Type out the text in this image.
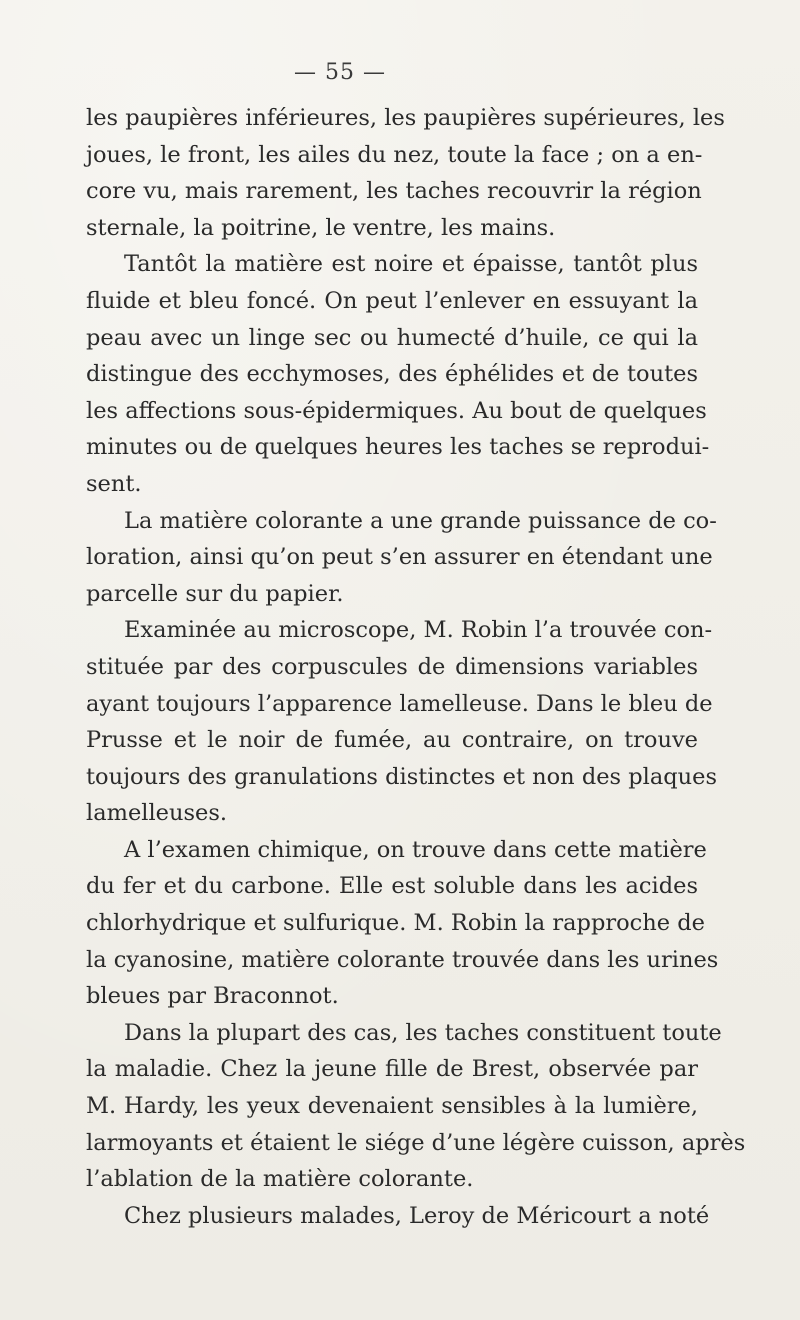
— 55 —
les paupières inférieures, les paupières supérieures, les
joues, le front, les ailes du nez, toute la face ; on a en-
core vu, mais rarement, les taches recouvrir la région
sternale, la poitrine, le ventre, les mains.
Tantôt la matière est noire et épaisse, tantôt plus
fluide et bleu foncé. On peut l’enlever en essuyant la
peau avec un linge sec ou humecté d’huile, ce qui la
distingue des ecchymoses, des éphélides et de toutes
les affections sous-épidermiques. Au bout de quelques
minutes ou de quelques heures les taches se reprodui-
sent.
La matière colorante a une grande puissance de co-
loration, ainsi qu’on peut s’en assurer en étendant une
parcelle sur du papier.
Examinée au microscope, M. Robin l’a trouvée con-
stituée par des corpuscules de dimensions variables
ayant toujours l’apparence lamelleuse. Dans le bleu de
Prusse et le noir de fumée, au contraire, on trouve
toujours des granulations distinctes et non des plaques
lamelleuses.
A l’examen chimique, on trouve dans cette matière
du fer et du carbone. Elle est soluble dans les acides
chlorhydrique et sulfurique. M. Robin la rapproche de
la cyanosine, matière colorante trouvée dans les urines
bleues par Braconnot.
Dans la plupart des cas, les taches constituent toute
la maladie. Chez la jeune fille de Brest, observée par
M. Hardy, les yeux devenaient sensibles à la lumière,
larmoyants et étaient le siége d’une légère cuisson, après
l’ablation de la matière colorante.
Chez plusieurs malades, Leroy de Méricourt a noté
